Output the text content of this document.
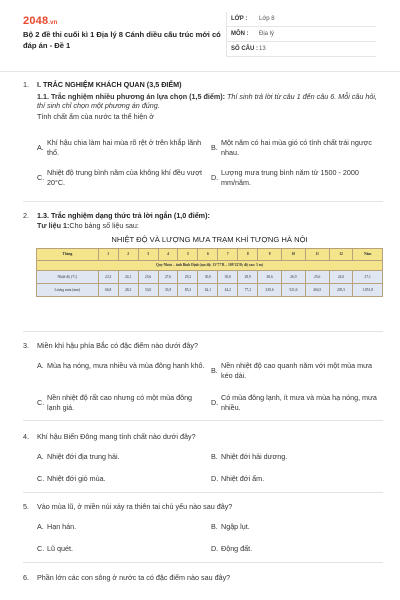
2048.vn
Bộ 2 đề thi cuối kì 1 Địa lý 8 Cánh diều cấu trúc mới có đáp án - Đề 1
LỚP :	Lớp 8
MÔN :	Địa lý
SỐ CÂU : 13
1. I. TRẮC NGHIỆM KHÁCH QUAN (3,5 ĐIỂM)
1.1. Trắc nghiệm nhiều phương án lựa chọn (1,5 điểm): Thí sinh trả lời từ câu 1 đến câu 6. Mỗi câu hỏi, thí sinh chỉ chọn một phương án đúng.
Tính chất ẩm của nước ta thể hiện ở
A.
Khí hậu chia làm hai mùa rõ rệt ở trên khắp lãnh thổ.
B.
Một năm có hai mùa gió có tính chất trái ngược nhau.
C.
Nhiệt độ trung bình năm của không khí đều vượt 20°C.
D.
Lượng mưa trung bình năm từ 1500 - 2000 mm/năm.
2. 1.3. Trắc nghiệm dạng thức trả lời ngắn (1,0 điểm):
Tư liệu 1:Cho bảng số liệu sau:
NHIỆT ĐỘ VÀ LƯỢNG MƯA TRẠM KHÍ TƯỢNG HÀ NỘI
Tháng	1	2	3	4	5	6	7	8	9	10	11	12	Năm
Quy Nhơn – tỉnh Bình Định (tọa độ: 13°77'B – 109°22'Đ; độ cao: 5 m)													
Nhiệt độ (°C)	23,3	24,1	25,6	27,6	29,2	30,0	30,0	29,9	28,6	26,9	25,6	24,0	27,1
Lượng mưa (mm)	66,8	28,2	33,0	33,9	85,2	62,1	44,2	77,2	230,6	521,6	464,5	205,5	1.851,8
3. Miền khí hậu phía Bắc có đặc điểm nào dưới đây?
A. Mùa hạ nóng, mưa nhiều và mùa đông hanh khô.
B.
Nền nhiệt độ cao quanh năm với một mùa mưa kéo dài.
C.
Nền nhiệt độ rất cao nhưng có một mùa đông lạnh giá.
D.
Có mùa đông lạnh, ít mưa và mùa hạ nóng, mưa nhiều.
4. Khí hậu Biển Đông mang tính chất nào dưới đây?
A. Nhiệt đới địa trung hải.	B. Nhiệt đới hải dương.
C. Nhiệt đới gió mùa.	D. Nhiệt đới ẩm.
5. Vào mùa lũ, ở miền núi xảy ra thiên tai chủ yếu nào sau đây?
A. Hạn hán.	B. Ngập lụt.
C. Lũ quét.	D. Động đất.
6. Phần lớn các con sông ở nước ta có đặc điểm nào sau đây?
